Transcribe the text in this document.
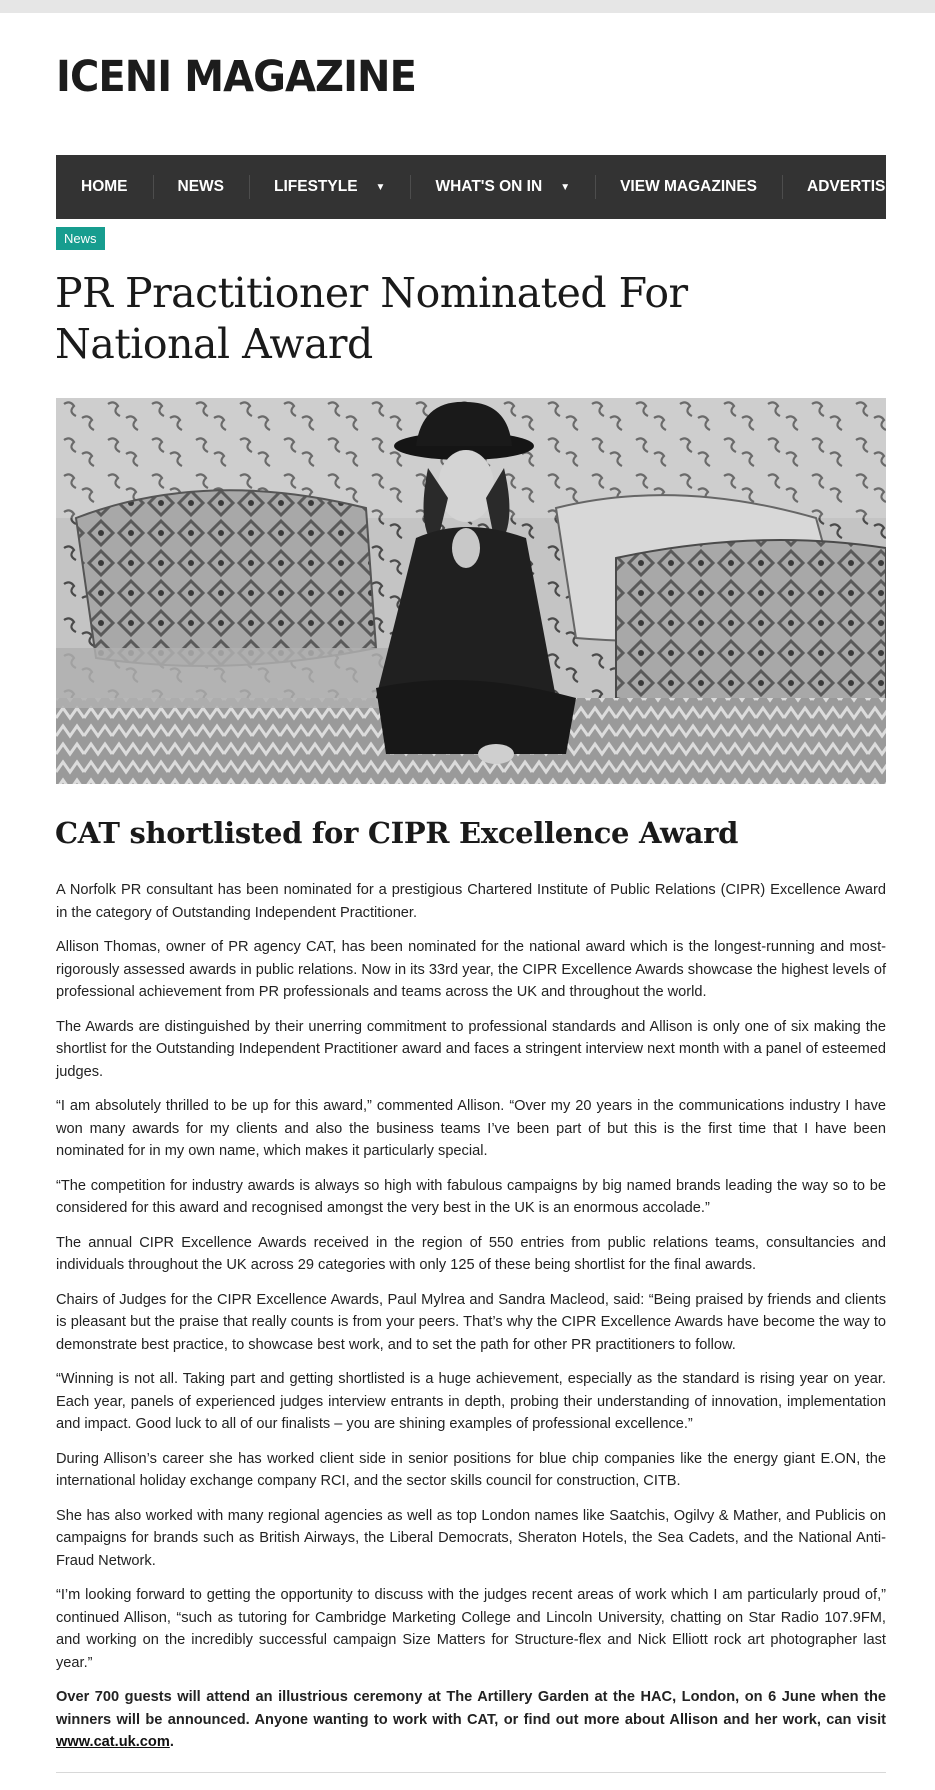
ICENI MAGAZINE
HOME	NEWS	LIFESTYLE ▼	WHAT'S ON IN ▼	VIEW MAGAZINES	ADVERTISING
News
PR Practitioner Nominated For National Award
CAT shortlisted for CIPR Excellence Award

A Norfolk PR consultant has been nominated for a prestigious Chartered Institute of Public Relations (CIPR) Excellence Award in the category of Outstanding Independent Practitioner.

Allison Thomas, owner of PR agency CAT, has been nominated for the national award which is the longest-running and most-rigorously assessed awards in public relations. Now in its 33rd year, the CIPR Excellence Awards showcase the highest levels of professional achievement from PR professionals and teams across the UK and throughout the world.

The Awards are distinguished by their unerring commitment to professional standards and Allison is only one of six making the shortlist for the Outstanding Independent Practitioner award and faces a stringent interview next month with a panel of esteemed judges.

“I am absolutely thrilled to be up for this award,” commented Allison. “Over my 20 years in the communications industry I have won many awards for my clients and also the business teams I’ve been part of but this is the first time that I have been nominated for in my own name, which makes it particularly special.

“The competition for industry awards is always so high with fabulous campaigns by big named brands leading the way so to be considered for this award and recognised amongst the very best in the UK is an enormous accolade.”

The annual CIPR Excellence Awards received in the region of 550 entries from public relations teams, consultancies and individuals throughout the UK across 29 categories with only 125 of these being shortlist for the final awards.

Chairs of Judges for the CIPR Excellence Awards, Paul Mylrea and Sandra Macleod, said: “Being praised by friends and clients is pleasant but the praise that really counts is from your peers. That’s why the CIPR Excellence Awards have become the way to demonstrate best practice, to showcase best work, and to set the path for other PR practitioners to follow.

“Winning is not all. Taking part and getting shortlisted is a huge achievement, especially as the standard is rising year on year. Each year, panels of experienced judges interview entrants in depth, probing their understanding of innovation, implementation and impact. Good luck to all of our finalists – you are shining examples of professional excellence.”

During Allison’s career she has worked client side in senior positions for blue chip companies like the energy giant E.ON, the international holiday exchange company RCI, and the sector skills council for construction, CITB.

She has also worked with many regional agencies as well as top London names like Saatchis, Ogilvy & Mather, and Publicis on campaigns for brands such as British Airways, the Liberal Democrats, Sheraton Hotels, the Sea Cadets, and the National Anti-Fraud Network.

“I’m looking forward to getting the opportunity to discuss with the judges recent areas of work which I am particularly proud of,” continued Allison, “such as tutoring for Cambridge Marketing College and Lincoln University, chatting on Star Radio 107.9FM, and working on the incredibly successful campaign Size Matters for Structure-flex and Nick Elliott rock art photographer last year.”

Over 700 guests will attend an illustrious ceremony at The Artillery Garden at the HAC, London, on 6 June when the winners will be announced. Anyone wanting to work with CAT, or find out more about Allison and her work, can visit www.cat.uk.com.
